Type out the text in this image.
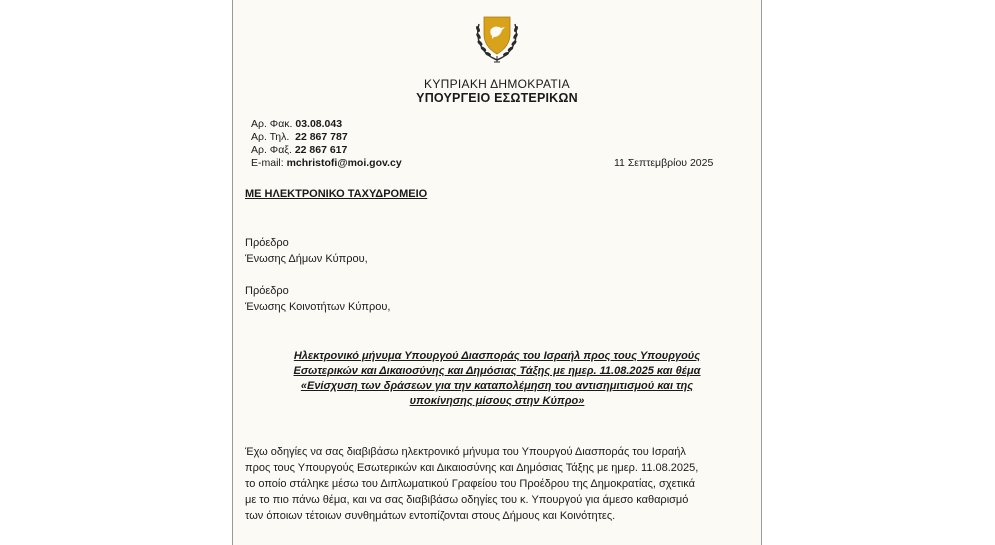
ΚΥΠΡΙΑΚΗ ΔΗΜΟΚΡΑΤΙΑ
ΥΠΟΥΡΓΕΙΟ ΕΣΩΤΕΡΙΚΩΝ
Αρ. Φακ. 03.08.043
Αρ. Τηλ. 22 867 787
Αρ. Φαξ. 22 867 617
E-mail: mchristofi@moi.gov.cy	11 Σεπτεμβρίου 2025
ΜΕ ΗΛΕΚΤΡΟΝΙΚΟ ΤΑΧΥΔΡΟΜΕΙΟ
Πρόεδρο
Ένωσης Δήμων Κύπρου,
Πρόεδρο
Ένωσης Κοινοτήτων Κύπρου,
Ηλεκτρονικό μήνυμα Υπουργού Διασποράς του Ισραήλ προς τους Υπουργούς
Εσωτερικών και Δικαιοσύνης και Δημόσιας Τάξης με ημερ. 11.08.2025 και θέμα
«Ενίσχυση των δράσεων για την καταπολέμηση του αντισημιτισμού και της
υποκίνησης μίσους στην Κύπρο»
Έχω οδηγίες να σας διαβιβάσω ηλεκτρονικό μήνυμα του Υπουργού Διασποράς του Ισραήλ
προς τους Υπουργούς Εσωτερικών και Δικαιοσύνης και Δημόσιας Τάξης με ημερ. 11.08.2025,
το οποίο στάληκε μέσω του Διπλωματικού Γραφείου του Προέδρου της Δημοκρατίας, σχετικά
με το πιο πάνω θέμα, και να σας διαβιβάσω οδηγίες του κ. Υπουργού για άμεσο καθαρισμό
των όποιων τέτοιων συνθημάτων εντοπίζονται στους Δήμους και Κοινότητες.
